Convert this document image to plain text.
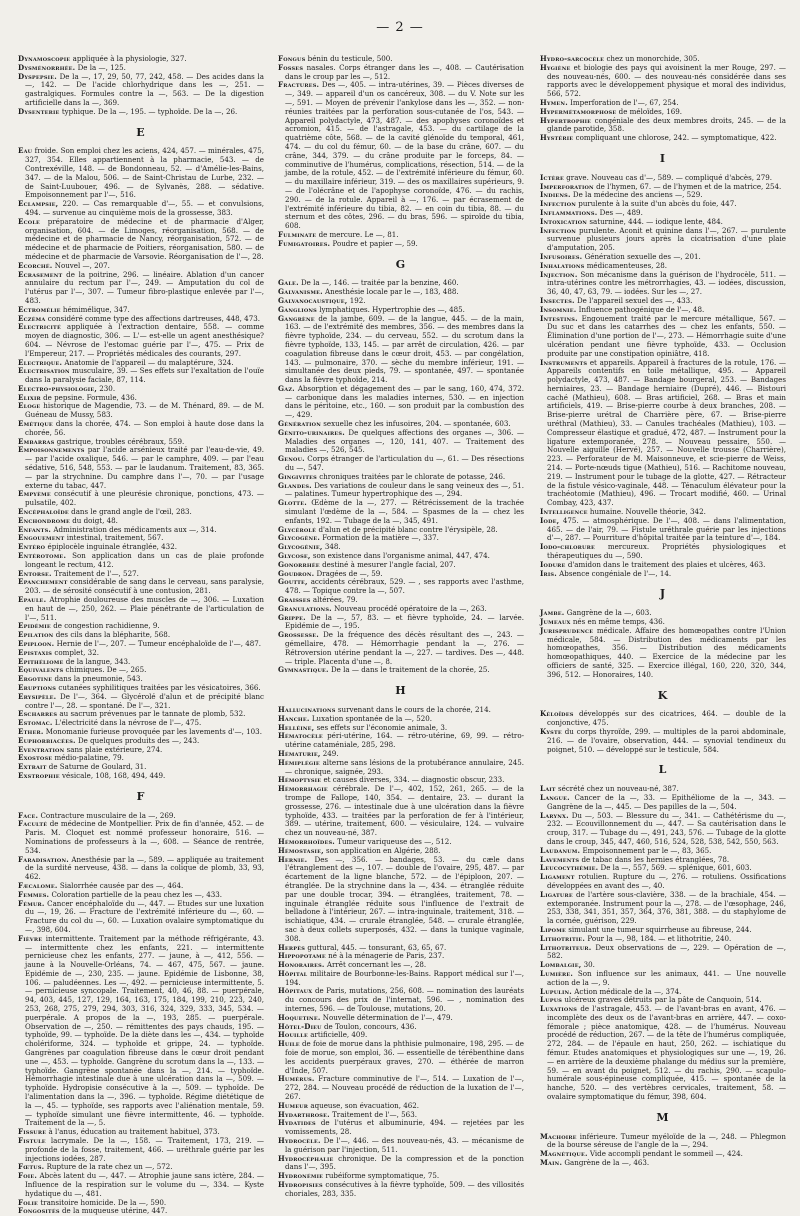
— 2 —

Dynamoscopie appliquée à la physiologie, 327.

Dysménorrhée. De la —, 125.

Dyspepsie. De la —, 17, 29, 50, 77, 242, 458. — Des acides dans la —, 142. — De l'acide chlorhydrique dans les —, 251. — gastralgiques. Formules contre la —, 563. — De la digestion artificielle dans la —, 369.

Dysenterie typhique. De la —, 195. — typhoïde. De la —, 26.

E

Eau froide. Son emploi chez les aciens, 424, 457. — minérales, 475, 327, 354. Elles appartiennent à la pharmacie, 543. — de Contrexéville, 148. — de Bondonneau, 52. — d'Amélie-les-Bains, 347. — de la Malou, 506. — de Saint-Christau de Lurbe, 232. — de Saint-Luubouer, 496. — de Sylvanès, 288. — sédative. Empoisonnement par l'—, 516.

Eclampsie, 220. — Cas remarquable d'—, 55. — et convulsions, 494. — survenue au cinquième mois de la grossesse, 383.

Ecole préparatoire de médecine et de pharmacie d'Alger, organisation, 604. — de Limoges, réorganisation, 568. — de médecine et de pharmacie de Nancy, réorganisation, 572. — de médecine et de pharmacie de Poitiers, réorganisation, 580. — de médecine et de pharmacie de Varsovie. Réorganisation de l'—, 28.

Ecorché. Nouvel —, 207.

Ecrasement de la poitrine, 296. — linéaire. Ablation d'un cancer annulaire du rectum par l'—, 249. — Amputation du col de l'utérus par l'—, 307. — Tumeur fibro-plastique enlevée par l'—, 483.

Ectromélie hémimélique, 347.

Eczéma considéré comme type des affections dartreuses, 448, 473.

Electricité appliquée à l'extraction dentaire, 558. — comme moyen de diagnostic, 306. — L'— est-elle un agent anesthésique? 604. — Névrose de l'estomac guérie par l'—, 475. — Prix de l'Empereur, 217. — Propriétés médicales des courants, 297.

Electrique. Anatomie de l'appareil — du malaptérure, 324.

Electrisation musculaire, 39. — Ses effets sur l'exaltation de l'ouïe dans la paralysie faciale, 87, 114.

Electro-physiologie, 230.

Elixir de pepsine. Formule, 436.

Eloge historique de Magendie, 73. — de M. Thénard, 89. — de M. Guéneau de Mussy, 583.

Emétique dans la chorée, 474. — Son emploi à haute dose dans la chorée, 56.

Embarras gastrique, troubles cérébraux, 559.

Empoisonnements par l'acide arsénieux traité par l'eau-de-vie, 49. — par l'acide oxalique, 546. — par le camphre, 409. — par l'eau sédative, 516, 548, 553. — par le laudanum. Traitement, 83, 365. — par la strychnine. Du camphre dans l'—, 70. — par l'usage externe du tabac, 447.

Empyème consécutif à une pleurésie chronique, ponctions, 473. — pulsatile, 402.

Encéphaloïde dans le grand angle de l'œil, 283.

Enchondrome du doigt, 48.

Enfants. Administration des médicaments aux —, 314.

Engouement intestinal, traitement, 567.

Entéro épiplocèle inguinale étranglée, 432.

Entérotome. Son application dans un cas de plaie profonde longeant le rectum, 412.

Entorse. Traitement de l'—, 527.

Epanchement considérable de sang dans le cerveau, sans paralysie, 203. — de sérosité consécutif à une contusion, 281.

Epaule. Atrophie douloureuse des muscles de —, 306. — Luxation en haut de —, 250, 262. — Plaie pénétrante de l'articulation de l'—, 511.

Epidémie de congestion rachidienne, 9.

Epilation des cils dans la blépharite, 568.

Epiploon. Hernie de l'—, 207. — Tumeur encéphaloïde de l'—, 487.

Epistaxis complet, 32.

Epithéliome de la langue, 343.

Equivalents chimiques. De —, 265.

Ergotine dans la pneumonie, 543.

Eruptions cutanées syphilitiques traitées par les vésicatoires, 366.

Erysipèle. De l'—, 364. — Glycérolé d'alun et de précipité blanc contre l'—, 28. — spontané. De l'—, 321.

Escharres au sacrum prévenues par le tannate de plomb, 532.

Estomac. L'électricité dans la névrose de l'—, 475.

Ether. Monomanie furieuse provoquée par les lavements d'—, 103.

Euphorbiacées. De quelques produits des —, 243.

Eventration sans plaie extérieure, 274.

Exostose médio-palatine, 79.

Extrait de Saturne de Goulard, 31.

Exstrophie vésicale, 108, 168, 494, 449.

F

Face. Contracture musculaire de la —, 269.

Faculté de médecine de Montpellier. Prix de fin d'année, 452. — de Paris. M. Cloquet est nommé professeur honoraire, 516. — Nominations de professeurs à la —, 608. — Séance de rentrée, 534.

Faradisation. Anesthésie par la —, 589. — appliquée au traitement de la surdité nerveuse, 438. — dans la colique de plomb, 33, 93, 462.

Fæcalome. Sialorrhée causée par des —, 464.

Femmes. Coloration partielle de la peau chez les —, 433.

Fémur. Cancer encéphaloïde du —, 447. — Etudes sur une luxation du —, 19, 26. — Fracture de l'extrémité inférieure du —, 60. — Fracture du col du —, 60. — Luxation ovalaire symptomatique du —, 398, 604.

Fièvre intermittente. Traitement par la méthode réfrigérante, 43. — intermittente chez les enfants, 221. — intermittente pernicieuse chez les enfants, 277. — jaune, à —, 412, 556. — jaune à la Nouvelle-Orléans, 74. — 467, 475, 567. — jaune. Epidémie de —, 230, 235. — jaune. Epidémie de Lisbonne, 38, 106. — paludéennes. Les —, 492. — pernicieuse intermittente, 5. — pernicieuse syncopale. Traitement, 40, 46, 88. — puerpérale, 94, 403, 445, 127, 129, 164, 163, 175, 184, 199, 210, 223, 240, 253, 268, 275, 279, 294, 303, 316, 324, 329, 333, 345, 534. — puerpérale. A propos de la —, 193, 285. — puerpérale. Observation de —, 250. — rémittentes des pays chauds, 195. — typhoïde, 99. — typhoïde. De la diète dans les —, 434. — typhoïde cholériforme, 324. — typhoïde et grippe, 24. — typhoïde. Gangrènes par coagulation fibreuse dans le cœur droit pendant une —, 453. — typhoïde. Gangrène du scrotum dans la —, 133. — typhoïde. Gangrène spontanée dans la —, 214. — typhoïde. Hémorrhagie intestinale due à une ulcération dans la —, 509. — typhoïde. Hydropisie consécutive à la —, 509. — typhoïde. De l'alimentation dans la —, 396. — typhoïde. Régime diététique de la —, 45. — typhoïde, ses rapports avec l'aliénation mentale, 59. — typhoïde simulant une fièvre intermittente, 46. — typhoïde. Traitement de la —, 5.

Fissure à l'anus, éducation au traitement habituel, 373.

Fistule lacrymale. De la —, 158. — Traitement, 173, 219. — profonde de la fosse, traitement, 466. — uréthrale guérie par les injections iodées, 287.

Fœtus. Rupture de la rate chez un —, 572.

Foie. Abcès latent du —, 447. — Atrophie jaune sans ictère, 284. — Influence de la respiration sur le volume du —, 334. — Kyste hydatique du —, 481.

Folie transitoire homicide. De la —, 590.

Fongosités de la muqueuse utérine, 447.

Fongus bénin du testicule, 500.

Fosses nasales. Corps étranger dans les —, 408. — Cautérisation dans le croup par les —, 512.

Fractures. Des —, 405. — intra-utérines, 39. — Pièces diverses de —, 349. — appareil d'un os cancéreux, 308. — du V. Note sur les —, 591. — Moyen de prévenir l'ankylose dans les —, 352. — non-réunies traitées par la perforation sous-cutanée de l'os, 543. — Appareil polydactyle, 473, 487. — des apophyses coronoïdes et acromion, 415. — de l'astragale, 453. — du cartilage de la quatrième côte, 568. — de la cavité glénoïde du temporal, 461, 474. — du col du fémur, 60. — de la base du crâne, 607. — du crâne, 344, 379. — du crâne produite par le forceps, 84. — comminutive de l'humérus, complications, résection, 514. — de la jambe, de la rotule, 452. — de l'extrémité inférieure du fémur, 60. — du maxillaire inférieur, 319. — des os maxillaires supérieurs, 9. — de l'olécrâne et de l'apophyse coronoïde, 476. — du rachis, 290. — de la rotule. Appareil à —, 176. — par écrasement de l'extrémité inférieure du tibia, 82. — en coin du tibia, 88. — du sternum et des côtes, 296. — du bras, 596. — spiroïde du tibia, 608.

Fulminate de mercure. Le —, 81.

Fumigatoires. Poudre et papier —, 59.

G

Gale. De la —, 146. — traitée par la benzine, 460.

Galvanisme. Anesthésie locale par le —, 183, 488.

Galvanocaustique, 192.

Ganglions lymphatiques. Hypertrophie des —, 485.

Gangrène de la jambe, 609. — de la langue, 445. — de la main, 163. — de l'extrémité des membres, 356. — des membres dans la fièvre typhoïde, 234. — du cerveau, 552. — du scrotum dans la fièvre typhoïde, 133, 145. — par arrêt de circulation, 426. — par coagulation fibreuse dans le cœur droit, 453. — par congélation, 143. — pulmonaire, 370. — sèche du membre inférieur, 191. — simultanée des deux pieds, 79. — spontanée, 497. — spontanée dans la fièvre typhoïde, 214.

Gaz. Absorption et dégagement des — par le sang, 160, 474, 372. — carbonique dans les maladies internes, 530. — en injection dans le péritoine, etc., 160. — son produit par la combustion des —, 429.

Génération sexuelle chez les infusoires, 204. — spontanée, 603.

Génito-urinaires. De quelques affections des organes —, 306. — Maladies des organes —, 120, 141, 407. — Traitement des maladies —, 526, 545.

Genou. Corps étranger de l'articulation du —, 61. — Des résections du —, 547.

Gingivites chroniques traitées par le chlorate de potasse, 246.

Glandes. Des variations de couleur dans le sang veineux des —, 51. — palatines. Tumeur hypertrophique des —, 294.

Glotte. Œdème de la —, 277. — Rétrécissement de la trachée simulant l'œdème de la —, 584. — Spasmes de la — chez les enfants, 192. — Tubage de la —, 345, 491.

Glycérolé d'alun et de précipité blanc contre l'érysipèle, 28.

Glycogène. Formation de la matière —, 337.

Glycogénie, 348.

Glycose, son existence dans l'organisme animal, 447, 474.

Gonorrhée destiné à mesurer l'angle facial, 207.

Goudron. Dragées de —, 59.

Goutte, accidents cérébraux, 529. — , ses rapports avec l'asthme, 478. — Topique contre la —, 507.

Graisses altérées, 79.

Granulations. Nouveau procédé opératoire de la —, 263.

Grippe. De la —, 57, 83. — et fièvre typhoïde, 24. — larvée. Epidémie de —, 195.

Grossesse. De la fréquence des décès résultant des —, 243. — gémellaire, 478. — Hémorrhagie pendant la —, 276. — Rétroversion utérine pendant la —, 227. — tardives. Des —, 448. — triple. Placenta d'une —, 8.

Gymnastique. De la — dans le traitement de la chorée, 25.

H

Hallucinations survenant dans le cours de la chorée, 214.

Hanche. Luxation spontanée de la —, 520.

Helléine, ses effets sur l'économie animale, 3.

Hématocèle péri-utérine, 164. — rétro-utérine, 69, 99. — rétro-utérine cataméniale, 285, 298.

Hématurie, 249.

Hémiplégie alterne sans lésions de la protubérance annulaire, 245. — chronique, saignée, 293.

Hémoptysie et causes diverses, 334. — diagnostic obscur, 233.

Hémorrhagie cérébrale. De l'—, 402, 152, 261, 265. — de la trompe de Fallope, 140, 354. — dentaire, 23. — durant la grossesse, 276. — intestinale due à une ulcération dans la fièvre typhoïde, 433. — traitées par la perforation de fer à l'intérieur, 389. — utérine, traitement, 600. — vésiculaire, 124. — vulvaire chez un nouveau-né, 387.

Hémorrhoïdes. Tumeur variqueuse des —, 512.

Hémostasie, son application en Algérie, 288.

Hernie. Des —, 356. — bandages, 53. — du cæle dans l'étranglement des —, 107. — double de l'ovaire, 295, 487. — par écartement de la ligne blanche, 572. — de l'épiploon, 207. — étranglée. De la strychnine dans la —, 434. — étranglée réduite par une double trocar, 394. — étranglées, traitement, 78. — inguinale étranglée réduite sous l'influence de l'extrait de belladone à l'intérieur, 267. — intra-inguinale, traitement, 318. — ischiatique, 434. — crurale étranglée, 548. — crurale étranglée, sac à deux collets superposés, 432. — dans la tunique vaginale, 308.

Herpès guttural, 445. — tonsurant, 63, 65, 67.

Hippopotame né à la ménagerie de Paris, 237.

Honoraires. Arrêt concernant les —, 28.

Hôpital militaire de Bourbonne-les-Bains. Rapport médical sur l'—, 194.

Hôpitaux de Paris, mutations, 256, 608. — nomination des lauréats du concours des prix de l'internat, 596. — , nomination des internes, 596. — de Toulouse, mutations, 20.

Hoquetine. Nouvelle détermination de l'—, 479.

Hôtel-Dieu de Toulon, concours, 436.

Houille artificielle, 409.

Huile de foie de morue dans la phthisie pulmonaire, 198, 295. — de foie de morue, son emploi, 36. — essentielle de térébenthine dans les accidents puerpéraux graves, 270. — éthérée de marron d'Inde, 507.

Humérus. Fracture comminutive de l'—, 514. — Luxation de l'—, 272, 284. — Nouveau procédé de réduction de la luxation de l'—, 267.

Humeur aqueuse, son évacuation, 462.

Hydarthrose. Traitement de l'—, 563.

Hydatides de l'utérus et albuminurie, 494. — rejetées par les vomissements, 28.

Hydrocèle. De l'—, 446. — des nouveau-nés, 43. — mécanisme de la guérison par l'injection, 511.

Hydrocéphalie chronique. De la compression et de la ponction dans l'—, 395.

Hydronémie rubéiforme symptomatique, 75.

Hydropisies consécutives à la fièvre typhoïde, 509. — des villosités choriales, 283, 335.

Hydro-sarcocèle chez un monorchide, 305.

Hygiène et biologie des pays qui avoisinent la mer Rouge, 297. — des nouveau-nés, 600. — des nouveau-nés considérée dans ses rapports avec le développement physique et moral des individus, 566, 572.

Hymen. Imperforation de l'—, 67, 254.

Hypermétamorphose de méloïdes, 169.

Hypertrophie congéniale des deux membres droits, 245. — de la glande parotide, 358.

Hystérie compliquant une chlorose, 242. — symptomatique, 422.

I

Ictère grave. Nouveau cas d'—, 589. — compliqué d'abcès, 279.

Imperforation de l'hymen, 67. — de l'hymen et de la matrice, 254.

Indiens. De la médecine des anciens —, 529.

Infection purulente à la suite d'un abcès du foie, 447.

Inflammations. Des —, 489.

Intoxication saturnine, 444. — iodique lente, 484.

Infection purulente. Aconit et quinine dans l'—, 267. — purulente survenue plusieurs jours après la cicatrisation d'une plaie d'amputation, 205.

Infusoires. Génération sexuelle des —, 201.

Inhalations médicamenteuses, 28.

Injection. Son mécanisme dans la guérison de l'hydrocèle, 511. — intra-utérines contre les métrorrhagies, 43. — iodées, discussion, 36, 40, 47, 63, 79. — iodées. Sur les —, 27.

Insectes. De l'appareil sexuel des —, 433.

Insomnie. Influence pathogénique de l'—, 48.

Intestins. Engouement traité par le mercure métallique, 567. — Du suc et dans les catarrhes des — chez les enfants, 550. — Élimination d'une portion de l'—, 273. — Hémorrhagie suite d'une ulcération pendant une fièvre typhoïde, 433. — Occlusion produite par une constipation opiniâtre, 418.

Instruments et appareils. Appareil à fractures de la rotule, 176. — Appareils contentifs en toile métallique, 495. — Appareil polydactyle, 473, 487. — Bandage bourgeral, 253. — Bandages herniaires, 23. — Bandage herniaire (Dupré), 446. — Bistouri caché (Mathieu), 608. — Bras artificiel, 268. — Bras et main artificiels, 419. — Brise-pierre courbe à deux branches, 208. — Brise-pierre urétral de Charrière père, 67. — Brise-pierre uréthral (Mathieu), 33. — Canules trachéales (Mathieu), 103. — Compresseur élastique et gradué, 472, 487. — Instrument pour la ligature extemporanée, 278. — Nouveau pessaire, 550. — Nouvelle aiguille (Hervé), 257. — Nouvelle trousse (Charrière), 223. — Perforateur de M. Maisonneuve, et scie-pierre de Weiss, 214. — Porte-nœuds tigue (Mathieu), 516. — Rachitome nouveau, 219. — Instrument pour le tubage de la glotte, 427. — Rétracteur de la fistule vésico-vaginale, 448. — Ténaculum élévateur pour la trachéotomie (Mathieu), 496. — Trocart modifié, 460. — Urinal Combay, 423, 437.

Intelligence humaine. Nouvelle théorie, 342.

Iode, 475. — atmosphérique. De l'—, 408. — dans l'alimentation, 465. — de l'air, 79. — Fistule uréthrale guérie par les injections d'—, 287. — Pourriture d'hôpital traitée par la teinture d'—, 184.

Iodo-chlorure mercureux. Propriétés physiologiques et thérapeutiques du —, 590.

Iodure d'amidon dans le traitement des plaies et ulcères, 463.

Iris. Absence congéniale de l'—, 14.

J

Jambe. Gangrène de la —, 603.

Jumeaux nés en même temps, 436.

Jurisprudence médicale. Affaire des homœopathes contre l'Union médicale, 584. — Distribution des médicaments par les homœopathes, 356. — Distribution des médicaments homœopathiques, 440. — Exercice de la médecine par les officiers de santé, 325. — Exercice illégal, 160, 220, 320, 344, 396, 512. — Honoraires, 140.

K

Kéloïdes développés sur des cicatrices, 464. — double de la conjonctive, 475.

Kyste du corps thyroïde, 299. — multiples de la paroi abdominale, 216. — de l'ovaire, observation, 444. — synovial tendineux du poignet, 510. — développé sur le testicule, 584.

L

Lait sécrété chez un nouveau-né, 387.

Langue. Cancer de la —, 33. — Epithéliome de la —, 343. — Gangrène de la —, 445. — Des papilles de la —, 504.

Larynx. Du —, 503. — Blessure du —, 341. — Cathétérisme du —, 232. — Ecouvillonnement du —, 447. — Sa cautérisation dans le croup, 317. — Tubage du —, 491, 243, 576. — Tubage de la glotte dans le croup, 345, 447, 460, 516, 524, 528, 538, 542, 550, 563.

Laudanum. Empoisonnement par le —, 83, 365.

Lavements de tabac dans les hernies étranglées, 78.

Leucocythémie. De la —, 557, 569. — splénique, 601, 603.

Ligament rotulien. Rupture du —, 276. — rotuliens. Ossifications développées en avant des —, 40.

Ligature de l'artère sous-clavière, 338. — de la brachiale, 454. — extemporanée. Instrument pour la —, 278. — de l'œsophage, 246, 253, 338, 341, 351, 357, 364, 376, 381, 388. — du staphylome de la cornée, guérison, 229.

Lipome simulant une tumeur squirrheuse au fibreuse, 244.

Lithotritie. Pour la —, 98, 184. — et lithotritie, 240.

Lithotriteur. Deux observations de —, 229. — Opération de —, 582.

Lombalgie, 30.

Lumière. Son influence sur les animaux, 441. — Une nouvelle action de la —, 9.

Lupulin. Action médicale de la —, 374.

Lupus ulcéreux graves détruits par la pâte de Canquoin, 514.

Luxations de l'astragale, 453. — de l'avant-bras en avant, 476. — incomplète des deux os de l'avant-bras en arrière, 447. — coxo-fémorale ; pièce anatomique, 428. — de l'humérus. Nouveau procédé de réduction, 267. — de la tête de l'humérus compliquée, 272, 284. — de l'épaule en haut, 250, 262. — ischiatique du fémur. Etudes anatomiques et physiologiques sur une —, 19, 26. — en arrière de la deuxième phalange du médius sur la première, 59. — en avant du poignet, 512. — du rachis, 290. — scapulo-humérale sous-épineuse compliquée, 415. — spontanée de la hanche, 520. — des vertèbres cervicales, traitement, 58. — ovalaire symptomatique du fémur, 398, 604.

M

Machoire inférieure. Tumeur myéloïde de la —, 248. — Phlegmon de la bourse séreuse de l'angle de la —, 294.

Magnétique. Vide accompli pendant le sommeil —, 424.

Main. Gangrène de la —, 463.
